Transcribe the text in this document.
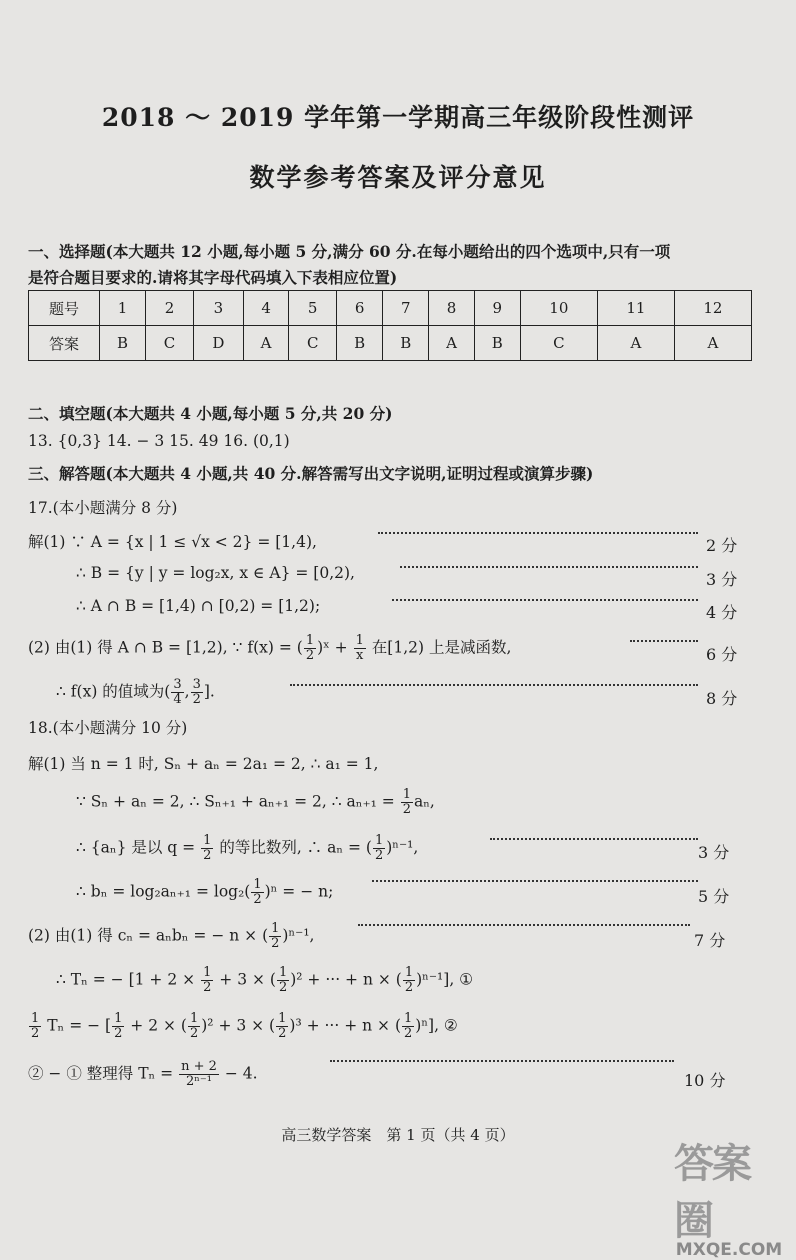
2018 ～ 2019 学年第一学期高三年级阶段性测评
数学参考答案及评分意见
一、选择题(本大题共 12 小题,每小题 5 分,满分 60 分.在每小题给出的四个选项中,只有一项
是符合题目要求的.请将其字母代码填入下表相应位置)
题号	1	2	3	4	5	6	7	8	9	10	11	12
答案	B	C	D	A	C	B	B	A	B	C	A	A
二、填空题(本大题共 4 小题,每小题 5 分,共 20 分)
13. {0,3} 14. − 3 15. 49 16. (0,1)
三、解答题(本大题共 4 小题,共 40 分.解答需写出文字说明,证明过程或演算步骤)
17.(本小题满分 8 分)
解(1) ∵ A = {x | 1 ≤ √x < 2} = [1,4),	2 分
∴ B = {y | y = log₂x, x ∈ A} = [0,2),	3 分
∴ A ∩ B = [1,4) ∩ [0,2) = [1,2);	4 分
(2) 由(1) 得 A ∩ B = [1,2), ∵ f(x) = ( $\frac{1}{2}$ )ˣ + $\frac{1}{x}$ 在[1,2) 上是减函数,	6 分
∴ f(x) 的值域为( $\frac{3}{4}$ , $\frac{3}{2}$ ].	8 分
18.(本小题满分 10 分)
解(1) 当 n = 1 时, Sₙ + aₙ = 2a₁ = 2, ∴ a₁ = 1,
∵ Sₙ + aₙ = 2, ∴ Sₙ₊₁ + aₙ₊₁ = 2, ∴ $a_{n+1} = \frac{1}{2} a_n$,
∴ {aₙ} 是以 $q = \frac{1}{2}$ 的等比数列, ∴ aₙ = ( $\frac{1}{2} )^{n-1}$,	3 分
∴ $b_n = \log_2a_{n+1} = \log_2( \frac{1}{2} )^n$ = − n;	5 分
(2) 由(1) 得 cₙ = aₙbₙ = − n × ( $\frac{1}{2} )^{n-1}$,	7 分
∴ Tₙ = − [$1 + 2 \times \frac{1}{2} + 3$ × ( $\frac{1}{2} )^2$ + ··· + n × ( $\frac{1}{2} )^{n-1}$], ①
$\frac{1}{2}$ Tₙ = − [ $\frac{1}{2} + 2$ × ( $\frac{1}{2} )^2 + 3$ × ( $\frac{1}{2} )^3$ + ··· + n × ( $\frac{1}{2} )^n$], ②
② − ① 整理得 $T_n = \frac{n + 2}{\text{2ⁿ⁻¹}} - 4$.	10 分
高三数学答案　第 1 页（共 4 页）
答案圈
MXQE.COM
